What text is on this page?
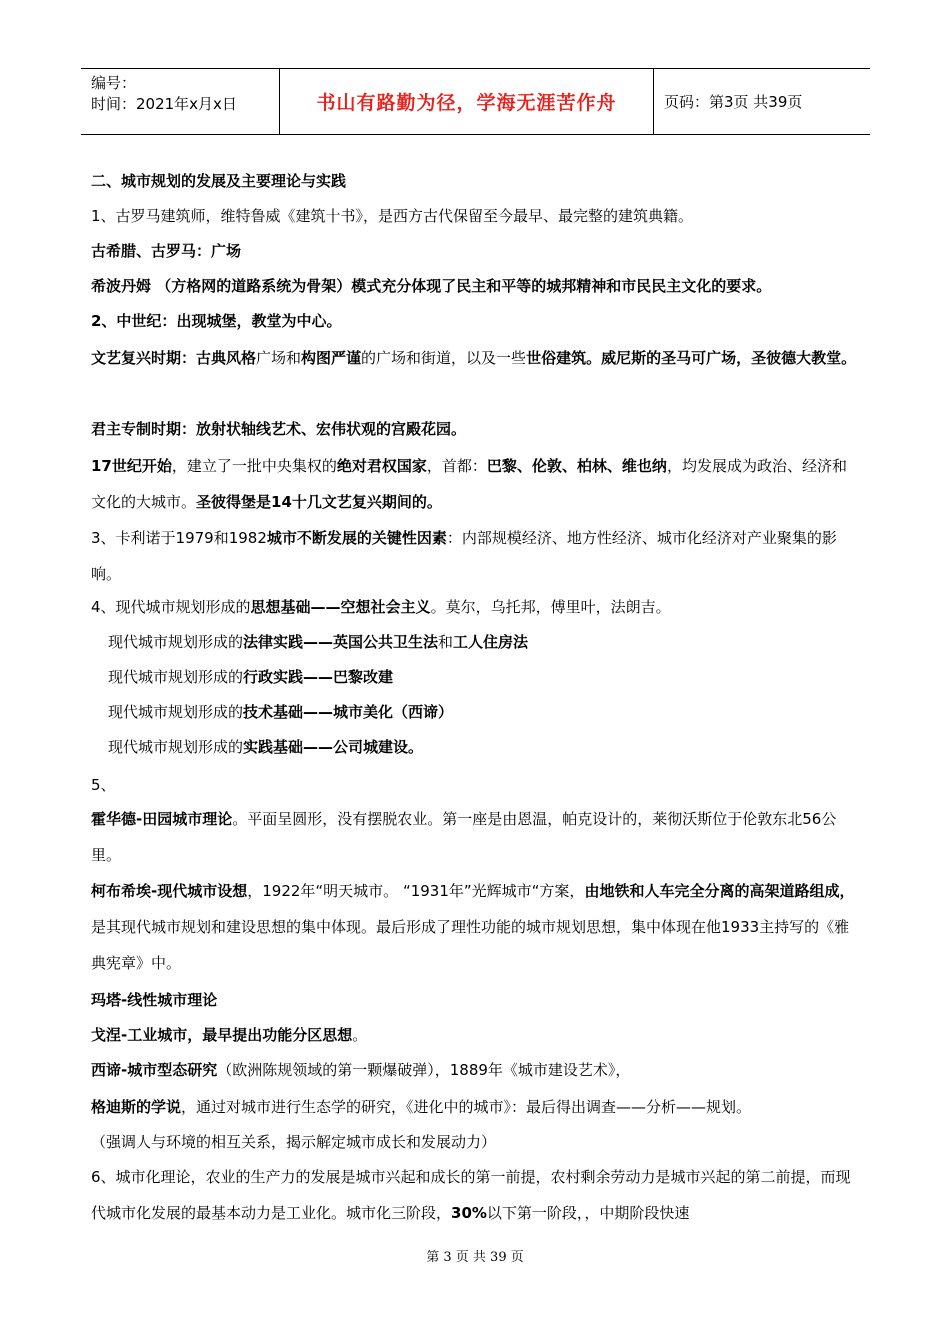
编号：
时间：2021年x月x日	书山有路勤为径，学海无涯苦作舟	页码：第3页 共39页
二、城市规划的发展及主要理论与实践
1、古罗马建筑师，维特鲁威《建筑十书》，是西方古代保留至今最早、最完整的建筑典籍。
古希腊、古罗马：广场
希波丹姆 （方格网的道路系统为骨架）模式充分体现了民主和平等的城邦精神和市民民主文化的要求。
2、中世纪：出现城堡，教堂为中心。
文艺复兴时期：古典风格广场和构图严谨的广场和街道，以及一些世俗建筑。威尼斯的圣马可广场，圣彼德大教堂。
君主专制时期：放射状轴线艺术、宏伟状观的宫殿花园。
17世纪开始，建立了一批中央集权的绝对君权国家，首都：巴黎、伦敦、柏林、维也纳，均发展成为政治、经济和文化的大城市。圣彼得堡是14十几文艺复兴期间的。
3、卡利诺于1979和1982城市不断发展的关键性因素：内部规模经济、地方性经济、城市化经济对产业聚集的影响。
4、现代城市规划形成的思想基础——空想社会主义。莫尔，乌托邦，傅里叶，法朗吉。
现代城市规划形成的法律实践——英国公共卫生法和工人住房法
现代城市规划形成的行政实践——巴黎改建
现代城市规划形成的技术基础——城市美化（西谛）
现代城市规划形成的实践基础——公司城建设。
5、
霍华德-田园城市理论。平面呈圆形，没有摆脱农业。第一座是由恩温，帕克设计的，莱彻沃斯位于伦敦东北56公里。
柯布希埃-现代城市设想，1922年“明天城市。 “1931年”光辉城市“方案，由地铁和人车完全分离的高架道路组成，是其现代城市规划和建设思想的集中体现。最后形成了理性功能的城市规划思想，集中体现在他1933主持写的《雅典宪章》中。
玛塔-线性城市理论
戈涅-工业城市，最早提出功能分区思想。
西谛-城市型态研究（欧洲陈规领域的第一颗爆破弹），1889年《城市建设艺术》，
格迪斯的学说，通过对城市进行生态学的研究，《进化中的城市》：最后得出调查——分析——规划。
（强调人与环境的相互关系，揭示解定城市成长和发展动力）
6、城市化理论，农业的生产力的发展是城市兴起和成长的第一前提，农村剩余劳动力是城市兴起的第二前提，而现代城市化发展的最基本动力是工业化。城市化三阶段，30%以下第一阶段，，中期阶段快速
第 3 页 共 39 页
